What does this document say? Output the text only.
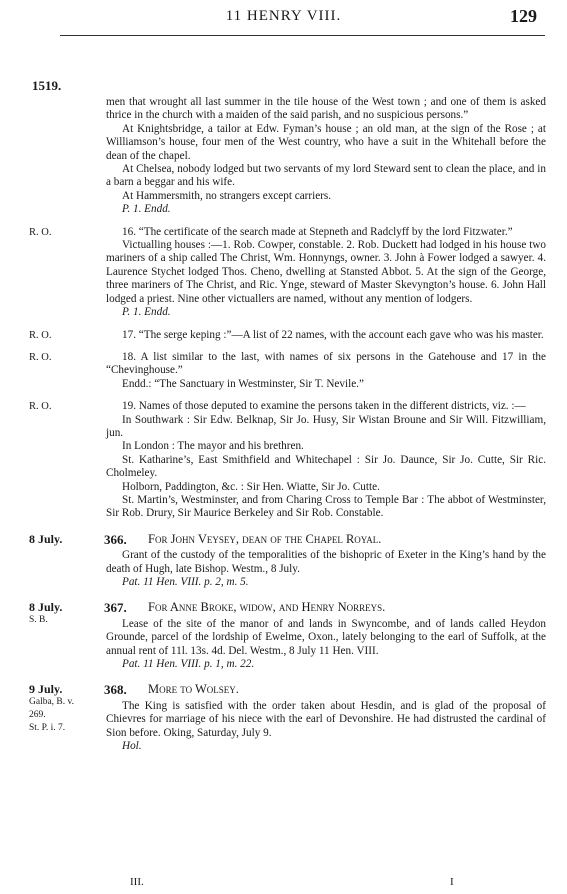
11 HENRY VIII.	129
1519.

men that wrought all last summer in the tile house of the West town ; and one of them is asked thrice in the church with a maiden of the said parish, and no suspicious persons.”

At Knightsbridge, a tailor at Edw. Fyman’s house ; an old man, at the sign of the Rose ; at Williamson’s house, four men of the West country, who have a suit in the Whitehall before the dean of the chapel.

At Chelsea, nobody lodged but two servants of my lord Steward sent to clean the place, and in a barn a beggar and his wife.

At Hammersmith, no strangers except carriers.

P. 1. Endd.

R. O.	16. “The certificate of the search made at Stepneth and Radclyff by the lord Fitzwater.”

Victualling houses :—1. Rob. Cowper, constable. 2. Rob. Duckett had lodged in his house two mariners of a ship called The Christ, Wm. Honnyngs, owner. 3. John à Fower lodged a sawyer. 4. Laurence Stychet lodged Thos. Cheno, dwelling at Stansted Abbot. 5. At the sign of the George, three mariners of The Christ, and Ric. Ynge, steward of Master Skevyngton’s house. 6. John Hall lodged a priest. Nine other victuallers are named, without any mention of lodgers.

P. 1. Endd.

R. O.	17. “The serge keping :”—A list of 22 names, with the account each gave who was his master.

R. O.	18. A list similar to the last, with names of six persons in the Gatehouse and 17 in the “Chevinghouse.”

Endd.: “The Sanctuary in Westminster, Sir T. Nevile.”

R. O.	19. Names of those deputed to examine the persons taken in the different districts, viz. :—

In Southwark : Sir Edw. Belknap, Sir Jo. Husy, Sir Wistan Broune and Sir Will. Fitzwilliam, jun.

In London : The mayor and his brethren.

St. Katharine’s, East Smithfield and Whitechapel : Sir Jo. Daunce, Sir Jo. Cutte, Sir Ric. Cholmeley.

Holborn, Paddington, &c. : Sir Hen. Wiatte, Sir Jo. Cutte.

St. Martin’s, Westminster, and from Charing Cross to Temple Bar : The abbot of Westminster, Sir Rob. Drury, Sir Maurice Berkeley and Sir Rob. Constable.

8 July.	366.	For John Veysey, dean of the Chapel Royal.

Grant of the custody of the temporalities of the bishopric of Exeter in the King’s hand by the death of Hugh, late Bishop. Westm., 8 July.

Pat. 11 Hen. VIII. p. 2, m. 5.

8 July.
S. B.
367.	For Anne Broke, widow, and Henry Norreys.

Lease of the site of the manor of and lands in Swyncombe, and of lands called Heydon Grounde, parcel of the lordship of Ewelme, Oxon., lately belonging to the earl of Suffolk, at the annual rent of 11l. 13s. 4d. Del. Westm., 8 July 11 Hen. VIII.

Pat. 11 Hen. VIII. p. 1, m. 22.

9 July.
Galba, B. v.
269.
St. P. i. 7.
368.	More to Wolsey.

The King is satisfied with the order taken about Hesdin, and is glad of the proposal of Chievres for marriage of his niece with the earl of Devonshire. He had distrusted the cardinal of Sion before. Oking, Saturday, July 9.

Hol.

III.	I
